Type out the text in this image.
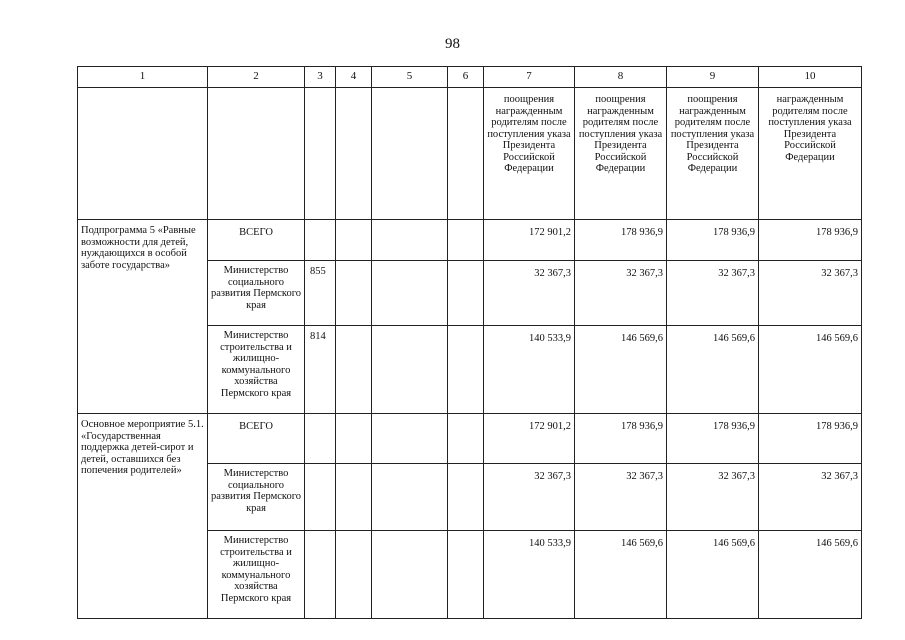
98
1	2	3	4	5	6	7	8	9	10
						поощрения награжденным родителям после поступления указа Президента Российской Федерации	поощрения награжденным родителям после поступления указа Президента Российской Федерации	поощрения награжденным родителям после поступления указа Президента Российской Федерации	награжденным родителям после поступления указа Президента Российской Федерации
Подпрограмма 5 «Равные возможности для детей, нуждающихся в особой заботе государства»	ВСЕГО					172 901,2	178 936,9	178 936,9	178 936,9
	Министерство социального развития Пермского края	855				32 367,3	32 367,3	32 367,3	32 367,3
	Министерство строительства и жилищно-коммунального хозяйства Пермского края	814				140 533,9	146 569,6	146 569,6	146 569,6
Основное мероприятие 5.1. «Государственная поддержка детей-сирот и детей, оставшихся без попечения родителей»	ВСЕГО					172 901,2	178 936,9	178 936,9	178 936,9
	Министерство социального развития Пермского края					32 367,3	32 367,3	32 367,3	32 367,3
	Министерство строительства и жилищно-коммунального хозяйства Пермского края					140 533,9	146 569,6	146 569,6	146 569,6
